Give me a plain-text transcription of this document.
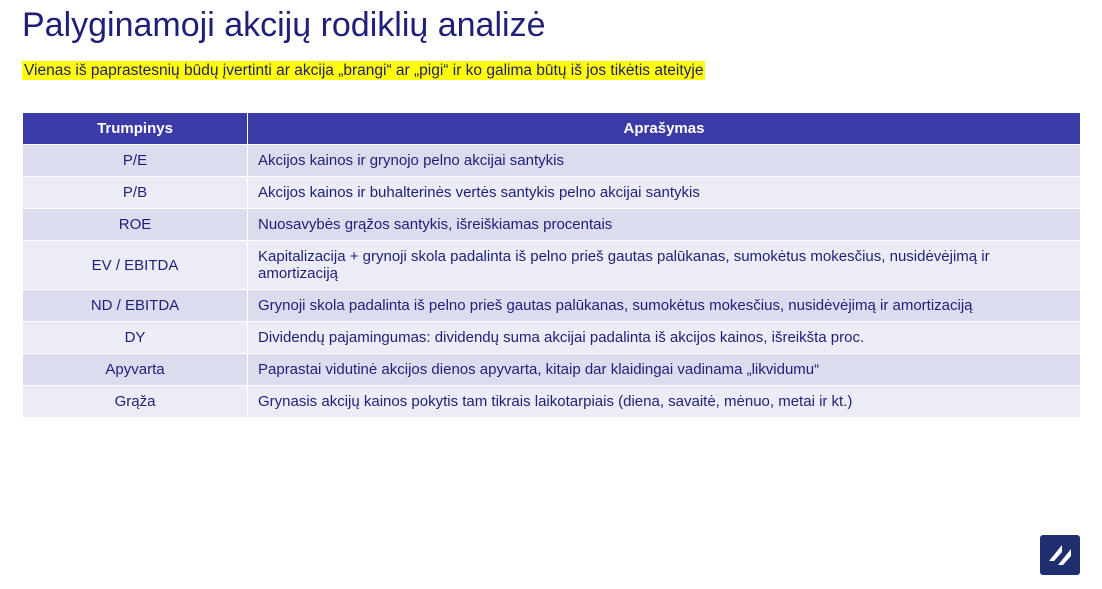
Palyginamoji akcijų rodiklių analizė
Vienas iš paprastesnių būdų įvertinti ar akcija „brangi“ ar „pigi“ ir ko galima būtų iš jos tikėtis ateityje
Trumpinys	Aprašymas
P/E	Akcijos kainos ir grynojo pelno akcijai santykis
P/B	Akcijos kainos ir buhalterinės vertės santykis pelno akcijai santykis
ROE	Nuosavybės grąžos santykis, išreiškiamas procentais
EV / EBITDA	Kapitalizacija + grynoji skola padalinta iš pelno prieš gautas palūkanas, sumokėtus mokesčius, nusidėvėjimą ir amortizaciją
ND / EBITDA	Grynoji skola padalinta iš pelno prieš gautas palūkanas, sumokėtus mokesčius, nusidėvėjimą ir amortizaciją
DY	Dividendų pajamingumas: dividendų suma akcijai padalinta iš akcijos kainos, išreikšta proc.
Apyvarta	Paprastai vidutinė akcijos dienos apyvarta, kitaip dar klaidingai vadinama „likvidumu“
Grąža	Grynasis akcijų kainos pokytis tam tikrais laikotarpiais (diena, savaitė, mėnuo, metai ir kt.)
